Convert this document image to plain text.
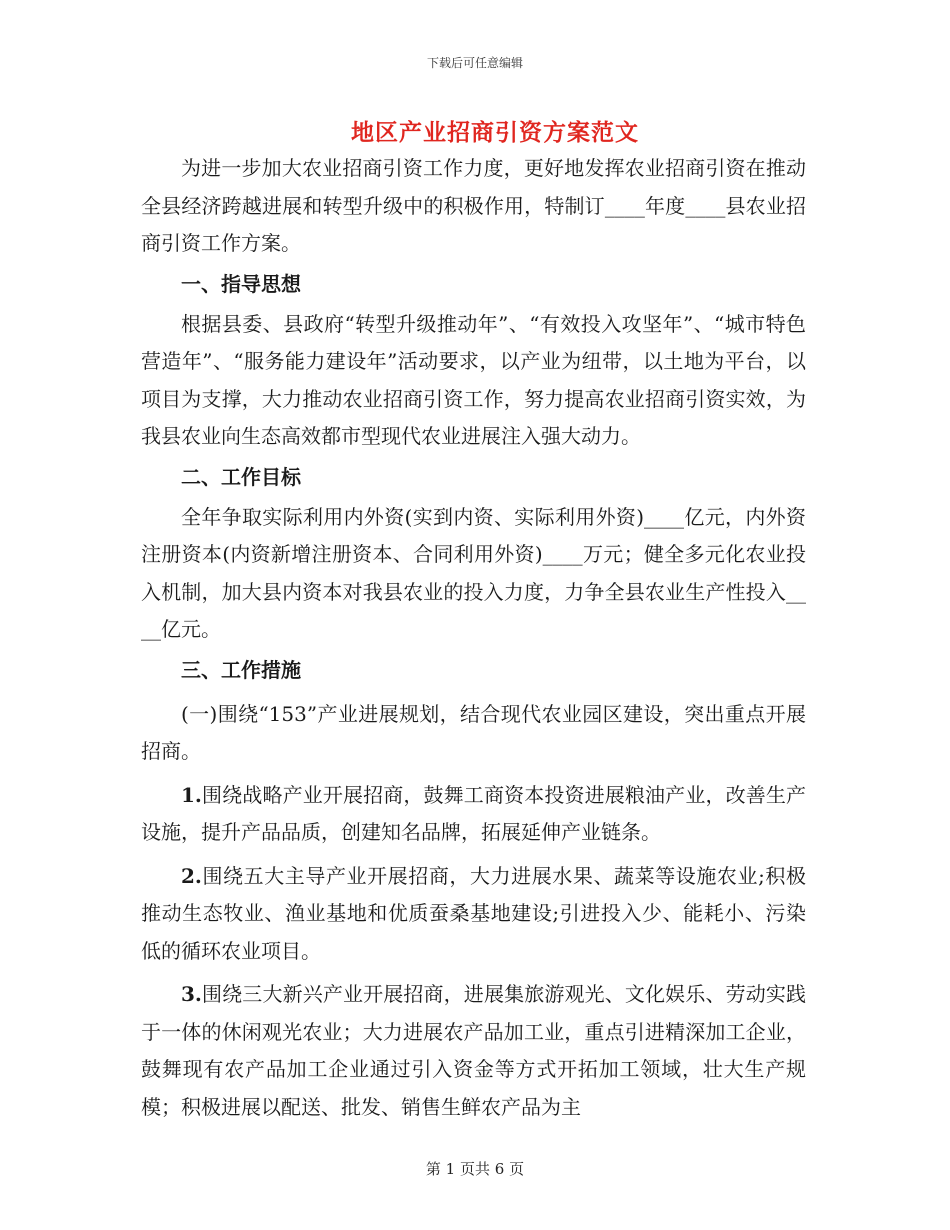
下载后可任意编辑
地区产业招商引资方案范文

为进一步加大农业招商引资工作力度，更好地发挥农业招商引资在推动全县经济跨越进展和转型升级中的积极作用，特制订____年度____县农业招商引资工作方案。

一、指导思想

根据县委、县政府“转型升级推动年”、“有效投入攻坚年”、“城市特色营造年”、“服务能力建设年”活动要求，以产业为纽带，以土地为平台，以项目为支撑，大力推动农业招商引资工作，努力提高农业招商引资实效，为我县农业向生态高效都市型现代农业进展注入强大动力。

二、工作目标

全年争取实际利用内外资(实到内资、实际利用外资)____亿元，内外资注册资本(内资新增注册资本、合同利用外资)____万元；健全多元化农业投入机制，加大县内资本对我县农业的投入力度，力争全县农业生产性投入____亿元。

三、工作措施

(一)围绕“153”产业进展规划，结合现代农业园区建设，突出重点开展招商。

1.围绕战略产业开展招商，鼓舞工商资本投资进展粮油产业，改善生产设施，提升产品品质，创建知名品牌，拓展延伸产业链条。

2.围绕五大主导产业开展招商，大力进展水果、蔬菜等设施农业;积极推动生态牧业、渔业基地和优质蚕桑基地建设;引进投入少、能耗小、污染低的循环农业项目。

3.围绕三大新兴产业开展招商，进展集旅游观光、文化娱乐、劳动实践于一体的休闲观光农业；大力进展农产品加工业，重点引进精深加工企业，鼓舞现有农产品加工企业通过引入资金等方式开拓加工领域，壮大生产规模；积极进展以配送、批发、销售生鲜农产品为主

第 1 页共 6 页
